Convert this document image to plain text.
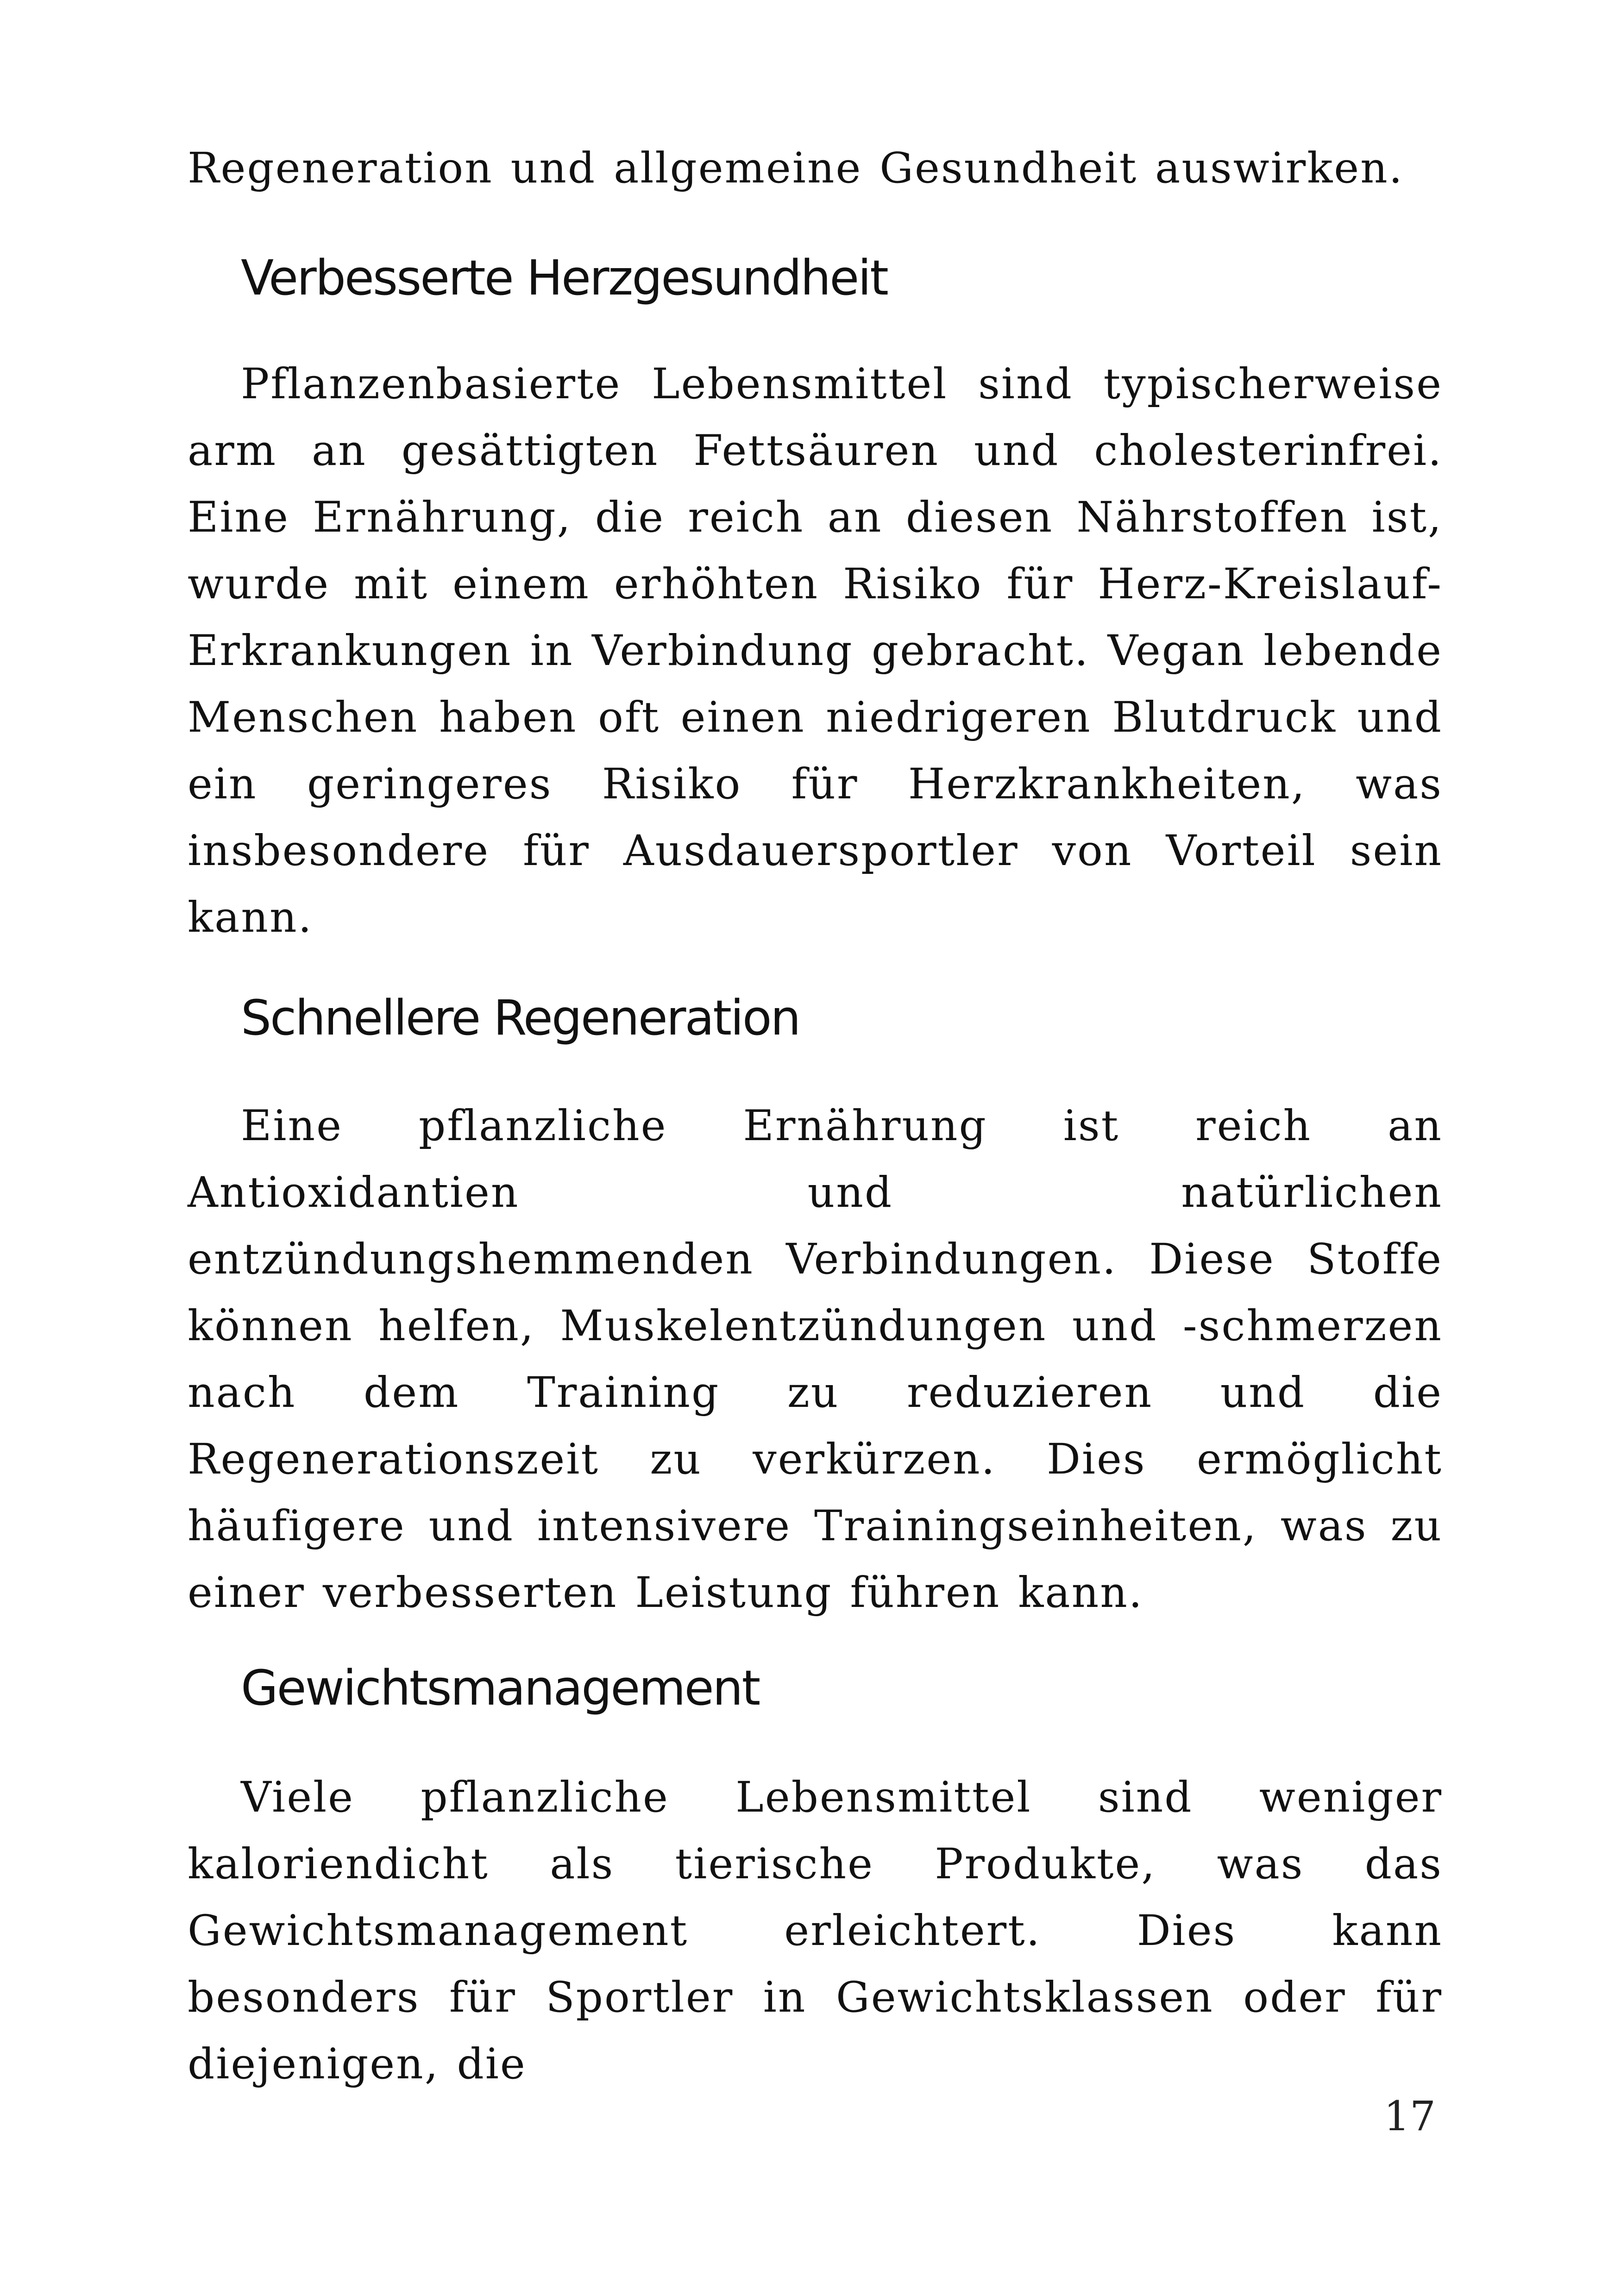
Regeneration und allgemeine Gesundheit auswirken.

Verbesserte Herzgesundheit

Pflanzenbasierte Lebensmittel sind typischerweise arm an gesättigten Fettsäuren und cholesterinfrei. Eine Ernährung, die reich an diesen Nährstoffen ist, wurde mit einem erhöhten Risiko für Herz-Kreislauf-Erkrankungen in Verbindung gebracht. Vegan lebende Menschen haben oft einen niedrigeren Blutdruck und ein geringeres Risiko für Herzkrankheiten, was insbesondere für Ausdauersportler von Vorteil sein kann.

Schnellere Regeneration

Eine pflanzliche Ernährung ist reich an Antioxidantien und natürlichen entzündungshemmenden Verbindungen. Diese Stoffe können helfen, Muskelentzündungen und -schmerzen nach dem Training zu reduzieren und die Regenerationszeit zu verkürzen. Dies ermöglicht häufigere und intensivere Trainingseinheiten, was zu einer verbesserten Leistung führen kann.

Gewichtsmanagement

Viele pflanzliche Lebensmittel sind weniger kaloriendicht als tierische Produkte, was das Gewichtsmanagement erleichtert. Dies kann besonders für Sportler in Gewichtsklassen oder für diejenigen, die

17
